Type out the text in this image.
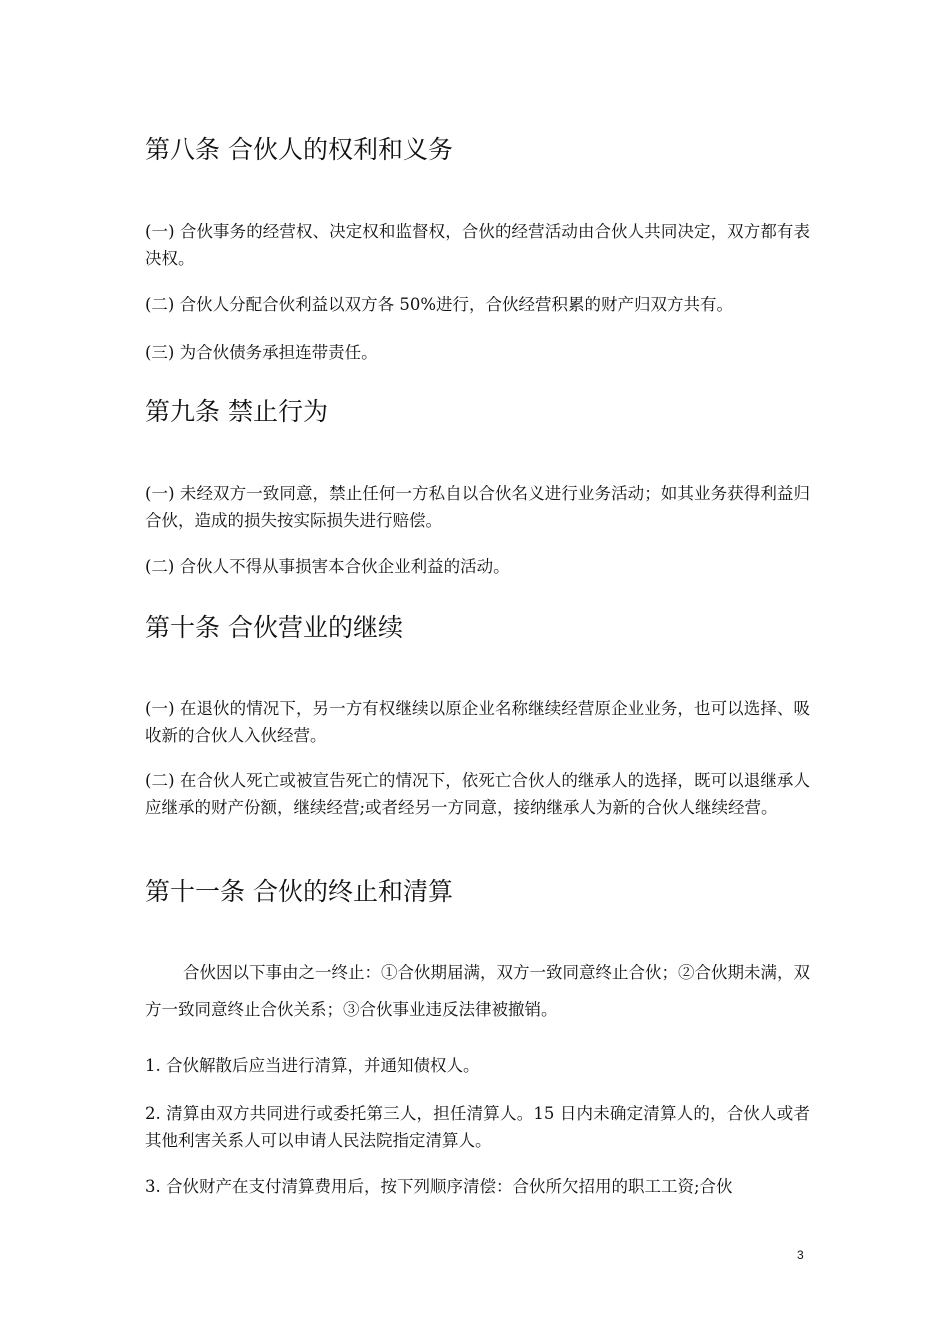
第八条 合伙人的权利和义务

(一) 合伙事务的经营权、决定权和监督权，合伙的经营活动由合伙人共同决定，双方都有表决权。

(二) 合伙人分配合伙利益以双方各 50%进行，合伙经营积累的财产归双方共有。

(三) 为合伙债务承担连带责任。

第九条 禁止行为

(一) 未经双方一致同意，禁止任何一方私自以合伙名义进行业务活动；如其业务获得利益归合伙，造成的损失按实际损失进行赔偿。

(二) 合伙人不得从事损害本合伙企业利益的活动。

第十条 合伙营业的继续

(一) 在退伙的情况下，另一方有权继续以原企业名称继续经营原企业业务，也可以选择、吸收新的合伙人入伙经营。

(二) 在合伙人死亡或被宣告死亡的情况下，依死亡合伙人的继承人的选择，既可以退继承人应继承的财产份额，继续经营;或者经另一方同意，接纳继承人为新的合伙人继续经营。

第十一条 合伙的终止和清算

合伙因以下事由之一终止：①合伙期届满，双方一致同意终止合伙；②合伙期未满，双方一致同意终止合伙关系；③合伙事业违反法律被撤销。

1. 合伙解散后应当进行清算，并通知债权人。

2. 清算由双方共同进行或委托第三人，担任清算人。15 日内未确定清算人的，合伙人或者其他利害关系人可以申请人民法院指定清算人。

3. 合伙财产在支付清算费用后，按下列顺序清偿：合伙所欠招用的职工工资;合伙

3
